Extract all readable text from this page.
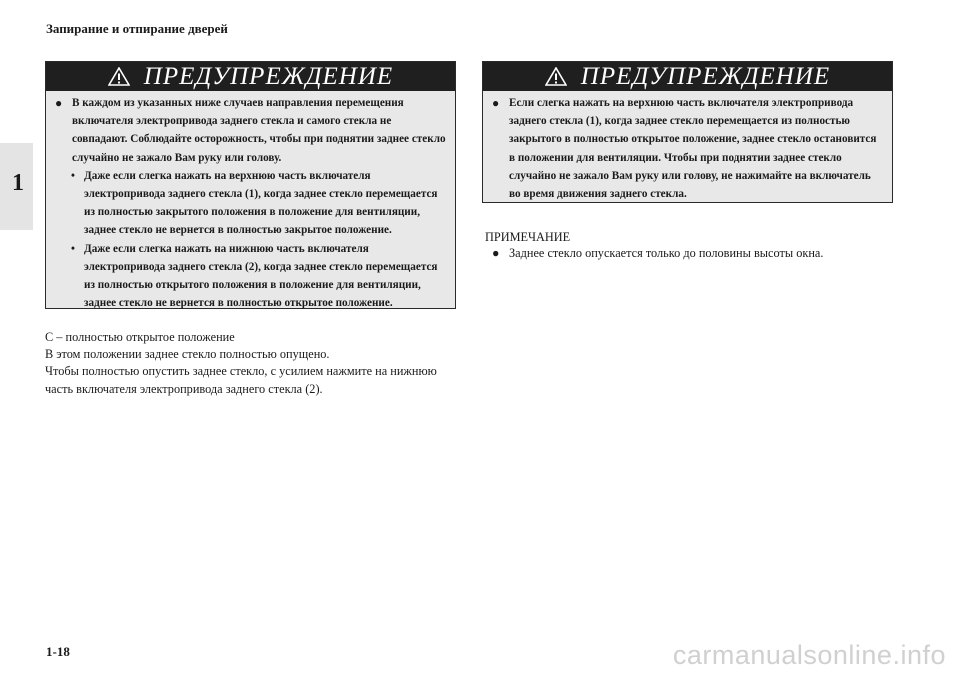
Запирание и отпирание дверей
1
ПРЕДУПРЕЖДЕНИЕ
● В каждом из указанных ниже случаев направления перемещения включателя электропривода заднего стекла и самого стекла не совпадают. Соблюдайте осторожность, чтобы при поднятии заднее стекло случайно не зажало Вам руку или голову.
• Даже если слегка нажать на верхнюю часть включателя электропривода заднего стекла (1), когда заднее стекло перемещается из полностью закрытого положения в положение для вентиляции, заднее стекло не вернется в полностью закрытое положение.
• Даже если слегка нажать на нижнюю часть включателя электропривода заднего стекла (2), когда заднее стекло перемещается из полностью открытого положения в положение для вентиляции, заднее стекло не вернется в полностью открытое положение.
ПРЕДУПРЕЖДЕНИЕ
● Если слегка нажать на верхнюю часть включателя электропривода заднего стекла (1), когда заднее стекло перемещается из полностью закрытого в полностью открытое положение, заднее стекло остановится в положении для вентиляции. Чтобы при поднятии заднее стекло случайно не зажало Вам руку или голову, не нажимайте на включатель во время движения заднего стекла.
C – полностью открытое положение
В этом положении заднее стекло полностью опущено.
Чтобы полностью опустить заднее стекло, с усилием нажмите на нижнюю часть включателя электропривода заднего стекла (2).
ПРИМЕЧАНИЕ
● Заднее стекло опускается только до половины высоты окна.
1-18	carmanualsonline.info
